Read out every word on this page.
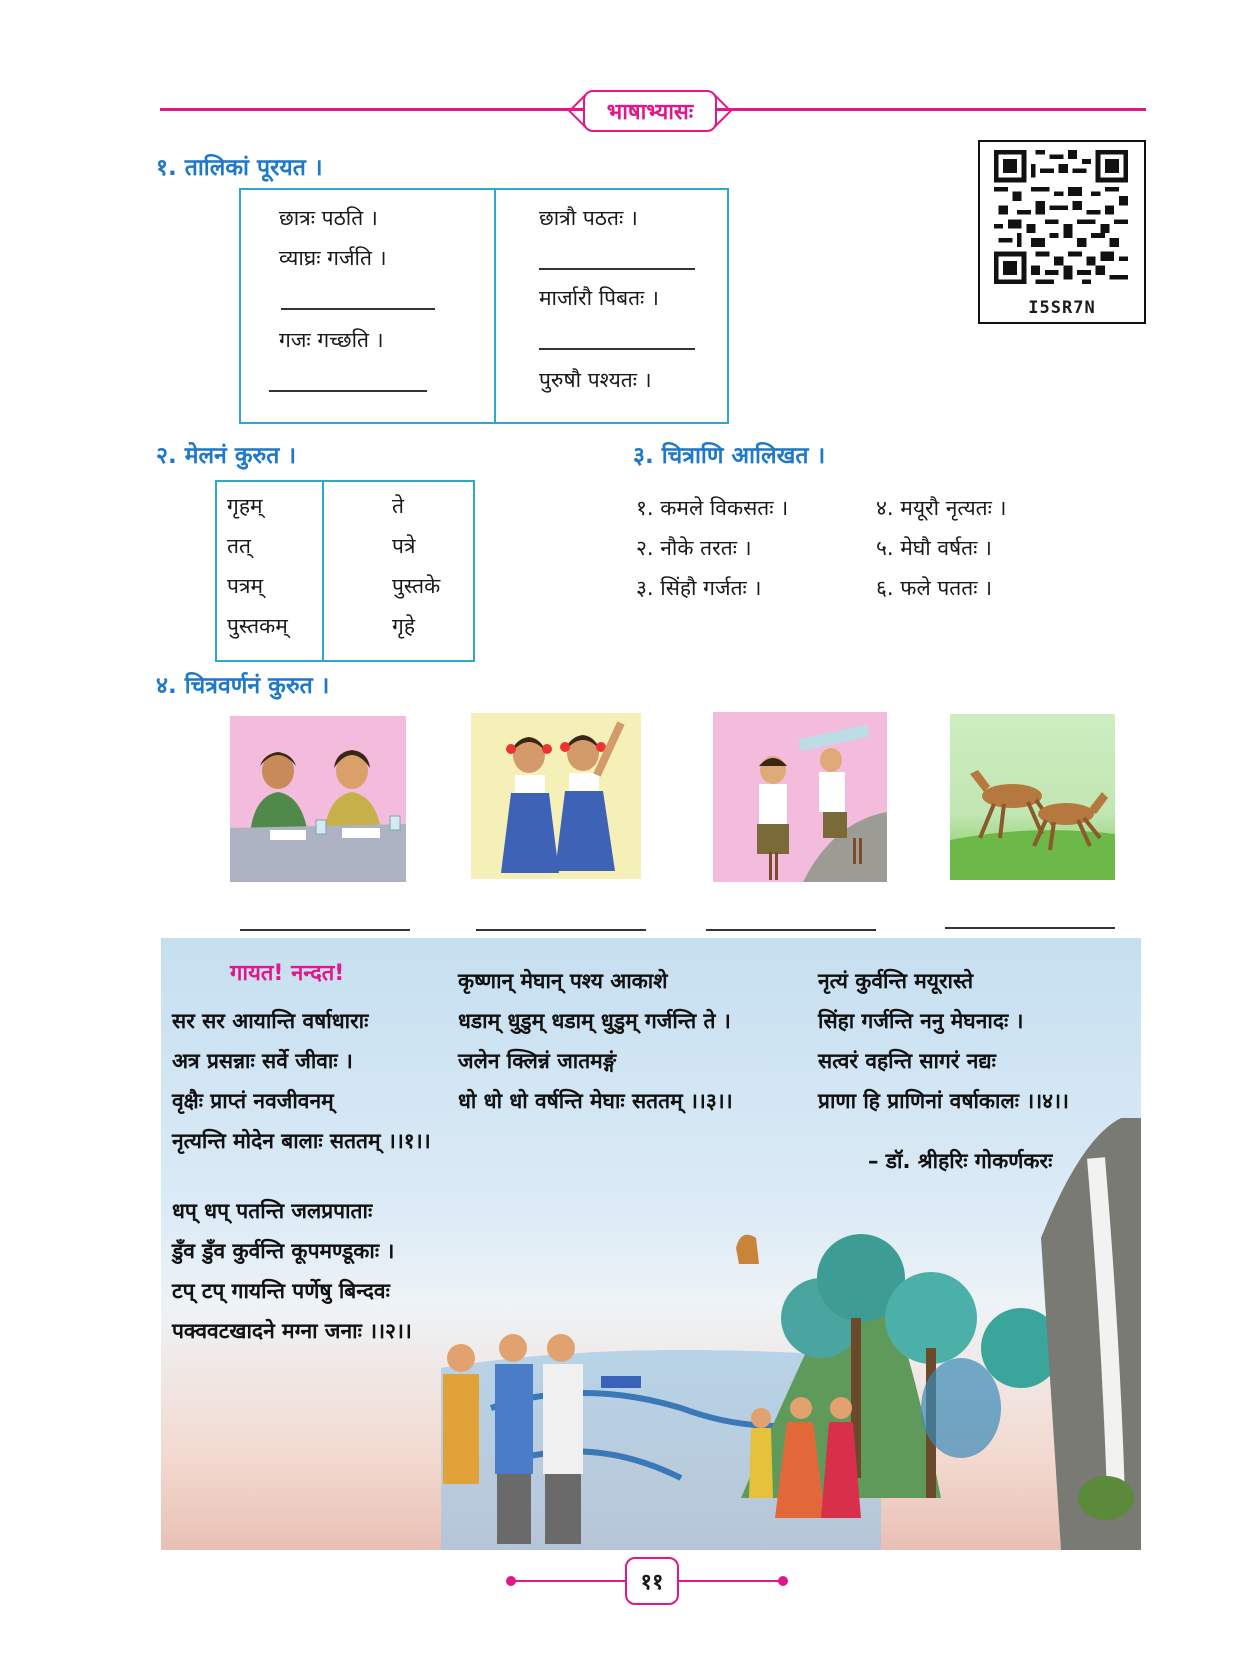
भाषाभ्यासः
१. तालिकां पूरयत ।
I5SR7N
छात्रः पठति ।
व्याघ्रः गर्जति ।
गजः गच्छति ।
छात्रौ पठतः ।
मार्जारौ पिबतः ।
पुरुषौ पश्यतः ।
२. मेलनं कुरुत ।
गृहम्
तत्
पत्रम्
पुस्तकम्
ते
पत्रे
पुस्तके
गृहे
३. चित्राणि आलिखत ।
१. कमले विकसतः ।
२. नौके तरतः ।
३. सिंहौ गर्जतः ।
४. मयूरौ नृत्यतः ।
५. मेघौ वर्षतः ।
६. फले पततः ।
४. चित्रवर्णनं कुरुत ।
गायत! नन्दत!
सर सर आयान्ति वर्षाधाराः
अत्र प्रसन्नाः सर्वे जीवाः ।
वृक्षैः प्राप्तं नवजीवनम्
नृत्यन्ति मोदेन बालाः सततम् ।।१।।
धप् धप् पतन्ति जलप्रपाताः
डुँव डुँव कुर्वन्ति कूपमण्डूकाः ।
टप् टप् गायन्ति पर्णेषु बिन्दवः
पक्ववटखादने मग्ना जनाः ।।२।।
कृष्णान् मेघान् पश्य आकाशे
धडाम् धुडुम् धडाम् धुडुम् गर्जन्ति ते ।
जलेन क्लिन्नं जातमङ्गं
धो धो धो वर्षन्ति मेघाः सततम् ।।३।।
नृत्यं कुर्वन्ति मयूरास्ते
सिंहा गर्जन्ति ननु मेघनादः ।
सत्वरं वहन्ति सागरं नद्यः
प्राणा हि प्राणिनां वर्षाकालः ।।४।।
– डॉ. श्रीहरिः गोकर्णकरः
११
